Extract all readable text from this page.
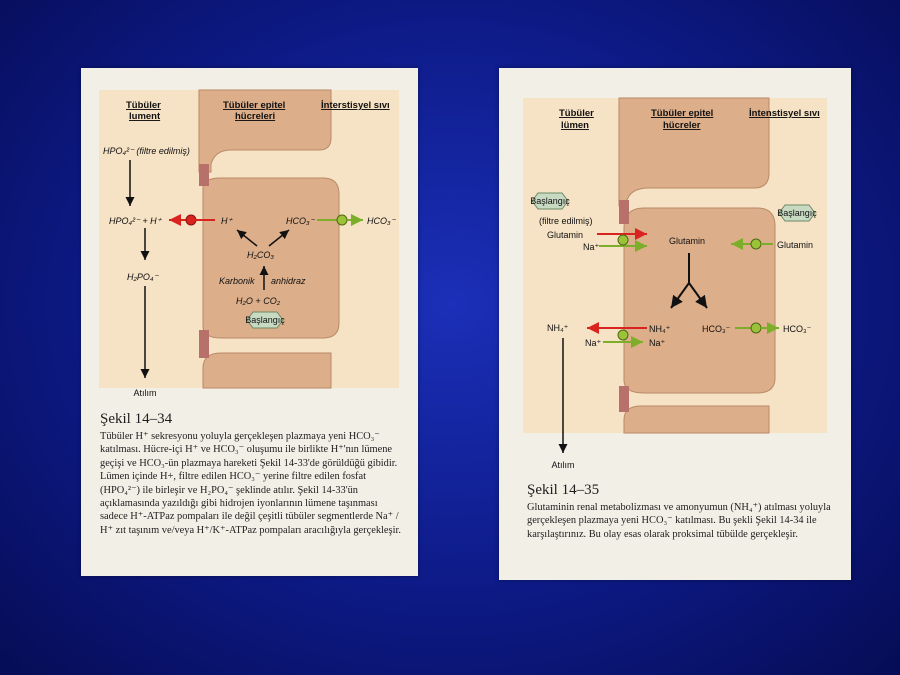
Tübüler
lument
Tübüler epitel
hücreleri
İnterstisyel sıvı
HPO₄²⁻ (filtre edilmiş)
HPO₄²⁻ + H⁺	H⁺	HCO₃⁻	HCO₃⁻
H₂CO₃
Karbonik anhidraz
H₂O + CO₂
Başlangıç
H₂PO₄⁻
Atılım
Şekil 14–34

Tübüler H⁺ sekresyonu yoluyla gerçekleşen plazmaya yeni HCO₃⁻ katılması. Hücre-içi H⁺ ve HCO₃⁻ oluşumu ile birlikte H⁺'nın lümene geçişi ve HCO₃-ün plazmaya hareketi Şekil 14-33'de görüldüğü gibidir. Lümen içinde H+, filtre edilen HCO₃⁻ yerine filtre edilen fosfat (HPO₄²⁻) ile birleşir ve H₂PO₄⁻ şeklinde atılır. Şekil 14-33'ün açıklamasında yazıldığı gibi hidrojen iyonlarının lümene taşınması sadece H⁺-ATPaz pompaları ile değil çeşitli tübüler segmentlerde Na⁺ / H⁺ zıt taşınım ve/veya H⁺/K⁺-ATPaz pompaları aracılığıyla gerçekleşir.

Tübüler
lümen
Tübüler epitel
hücreler
İntenstisyel sıvı
Başlangıç
(filtre edilmiş)
Glutamin
Na⁺
Glutamin
Başlangıç
Glutamin
NH₄⁺	NH₄⁺
Na⁺	Na⁺
HCO₃⁻	HCO₃⁻
Atılım
Şekil 14–35

Glutaminin renal metabolizması ve amonyumun (NH₄⁺) atılması yoluyla gerçekleşen plazmaya yeni HCO₃⁻ katılması. Bu şekli Şekil 14-34 ile karşılaştırınız. Bu olay esas olarak proksimal tübülde gerçekleşir.
